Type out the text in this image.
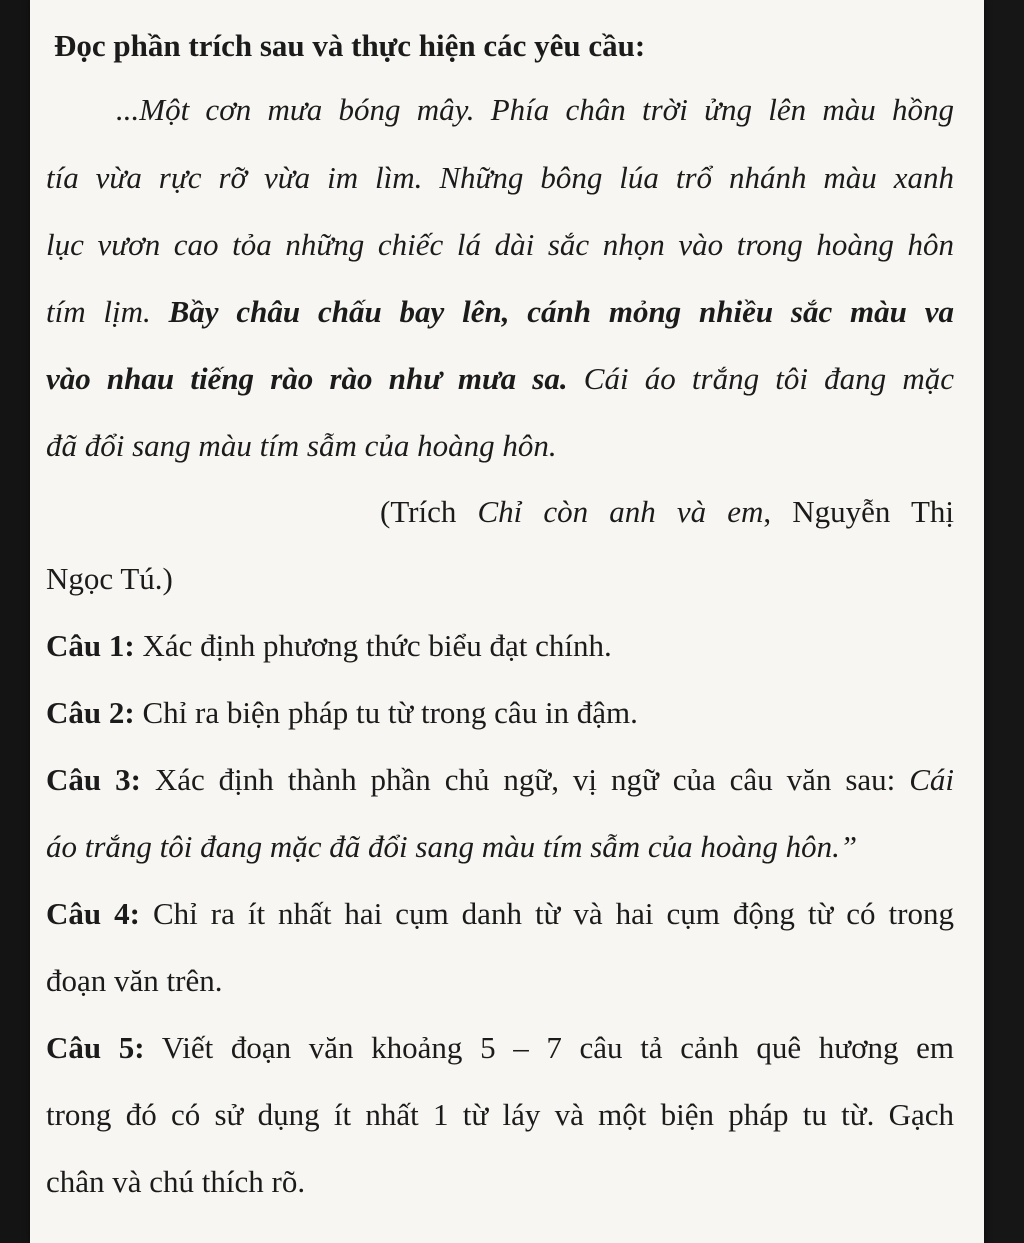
Đọc phần trích sau và thực hiện các yêu cầu:

...Một cơn mưa bóng mây. Phía chân trời ửng lên màu hồng

tía vừa rực rỡ vừa im lìm. Những bông lúa trổ nhánh màu xanh

lục vươn cao tỏa những chiếc lá dài sắc nhọn vào trong hoàng hôn

tím lịm. Bầy châu chấu bay lên, cánh mỏng nhiều sắc màu va

vào nhau tiếng rào rào như mưa sa. Cái áo trắng tôi đang mặc

đã đổi sang màu tím sẫm của hoàng hôn.

(Trích Chỉ còn anh và em, Nguyễn Thị

Ngọc Tú.)

Câu 1: Xác định phương thức biểu đạt chính.

Câu 2: Chỉ ra biện pháp tu từ trong câu in đậm.

Câu 3: Xác định thành phần chủ ngữ, vị ngữ của câu văn sau: Cái

áo trắng tôi đang mặc đã đổi sang màu tím sẫm của hoàng hôn.”

Câu 4: Chỉ ra ít nhất hai cụm danh từ và hai cụm động từ có trong

đoạn văn trên.

Câu 5: Viết đoạn văn khoảng 5 – 7 câu tả cảnh quê hương em

trong đó có sử dụng ít nhất 1 từ láy và một biện pháp tu từ. Gạch

chân và chú thích rõ.
